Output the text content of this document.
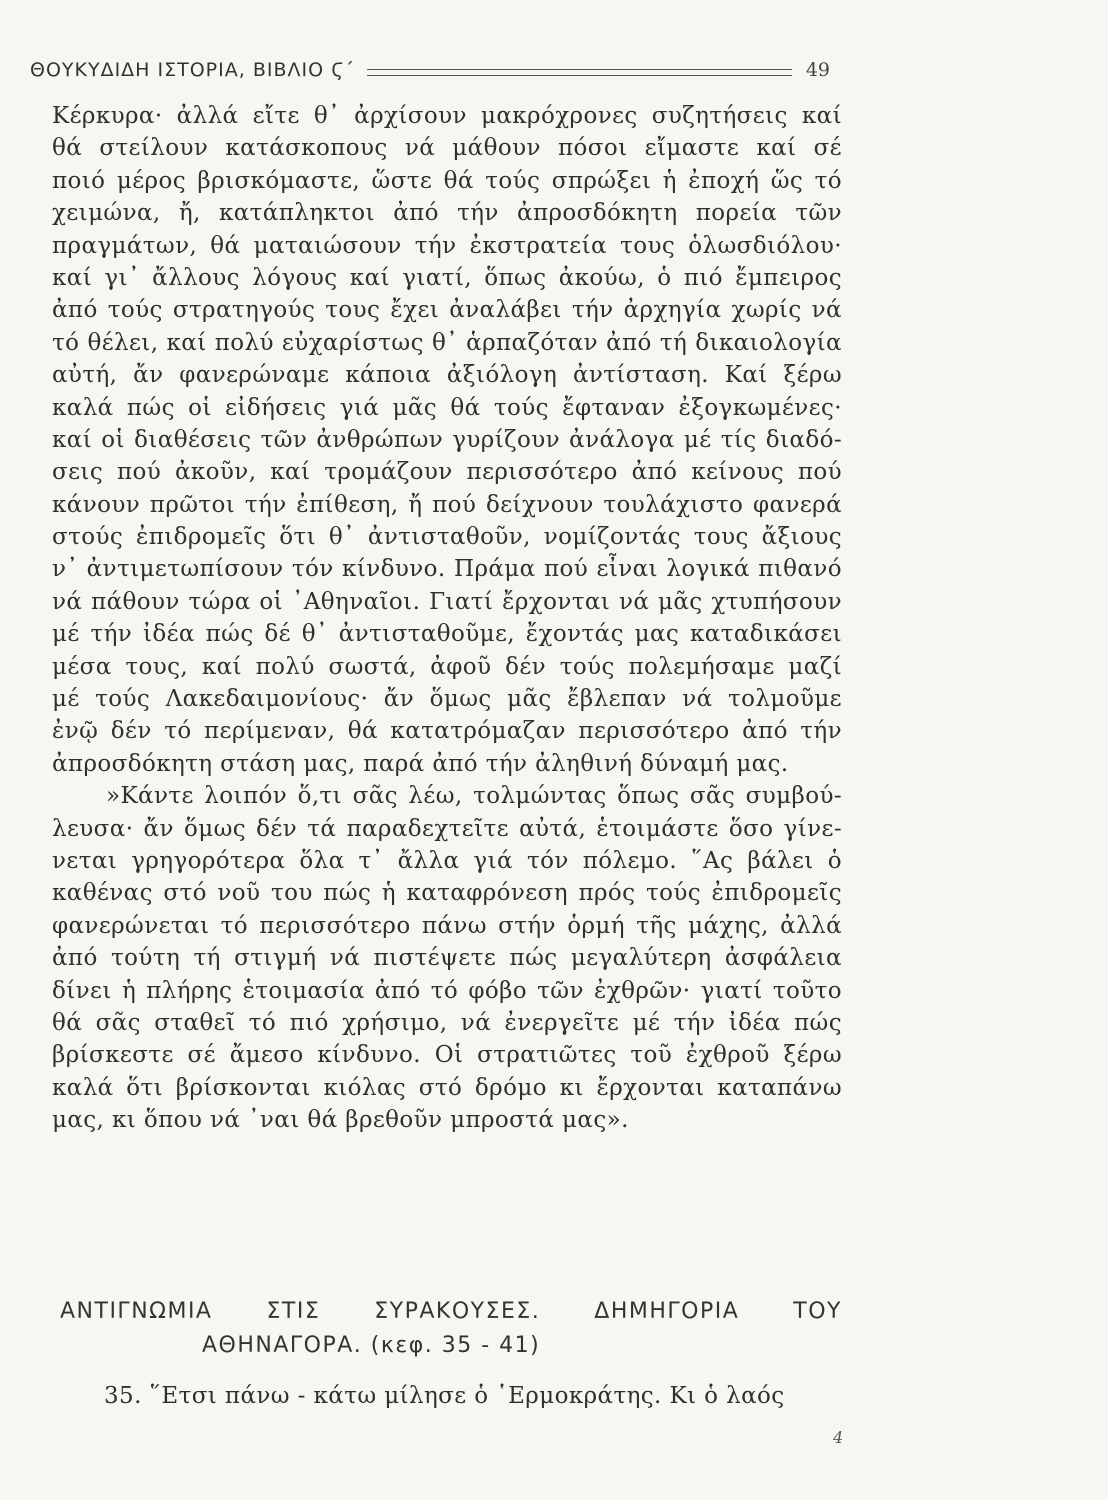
ΘΟΥΚΥΔΙΔΗ ΙΣΤΟΡΙΑ, ΒΙΒΛΙΟ Ϛ΄	49
Κέρκυρα· ἀλλά εἴτε θ᾿ ἀρχίσουν μακρόχρονες συζητήσεις καί
θά στείλουν κατάσκοπους νά μάθουν πόσοι εἴμαστε καί σέ
ποιό μέρος βρισκόμαστε, ὥστε θά τούς σπρώξει ἡ ἐποχή ὥς τό
χειμώνα, ἤ, κατάπληκτοι ἀπό τήν ἀπροσδόκητη πορεία τῶν
πραγμάτων, θά ματαιώσουν τήν ἐκστρατεία τους ὁλωσδιόλου·
καί γι᾿ ἄλλους λόγους καί γιατί, ὅπως ἀκούω, ὁ πιό ἔμπειρος
ἀπό τούς στρατηγούς τους ἔχει ἀναλάβει τήν ἀρχηγία χωρίς νά
τό θέλει, καί πολύ εὐχαρίστως θ᾿ ἁρπαζόταν ἀπό τή δικαιολογία
αὐτή, ἄν φανερώναμε κάποια ἀξιόλογη ἀντίσταση. Καί ξέρω
καλά πώς οἱ εἰδήσεις γιά μᾶς θά τούς ἔφταναν ἐξογκωμένες·
καί οἱ διαθέσεις τῶν ἀνθρώπων γυρίζουν ἀνάλογα μέ τίς διαδό-
σεις πού ἀκοῦν, καί τρομάζουν περισσότερο ἀπό κείνους πού
κάνουν πρῶτοι τήν ἐπίθεση, ἤ πού δείχνουν τουλάχιστο φανερά
στούς ἐπιδρομεῖς ὅτι θ᾿ ἀντισταθοῦν, νομίζοντάς τους ἄξιους
ν᾿ ἀντιμετωπίσουν τόν κίνδυνο. Πράμα πού εἶναι λογικά πιθανό
νά πάθουν τώρα οἱ ᾿Αθηναῖοι. Γιατί ἔρχονται νά μᾶς χτυπήσουν
μέ τήν ἰδέα πώς δέ θ᾿ ἀντισταθοῦμε, ἔχοντάς μας καταδικάσει
μέσα τους, καί πολύ σωστά, ἀφοῦ δέν τούς πολεμήσαμε μαζί
μέ τούς Λακεδαιμονίους· ἄν ὅμως μᾶς ἔβλεπαν νά τολμοῦμε
ἐνῷ δέν τό περίμεναν, θά κατατρόμαζαν περισσότερο ἀπό τήν
ἀπροσδόκητη στάση μας, παρά ἀπό τήν ἀληθινή δύναμή μας.
»Κάντε λοιπόν ὅ,τι σᾶς λέω, τολμώντας ὅπως σᾶς συμβού-
λευσα· ἄν ὅμως δέν τά παραδεχτεῖτε αὐτά, ἑτοιμάστε ὅσο γίνε-
νεται γρηγορότερα ὅλα τ᾿ ἄλλα γιά τόν πόλεμο. ῞Ας βάλει ὁ
καθένας στό νοῦ του πώς ἡ καταφρόνεση πρός τούς ἐπιδρομεῖς
φανερώνεται τό περισσότερο πάνω στήν ὁρμή τῆς μάχης, ἀλλά
ἀπό τούτη τή στιγμή νά πιστέψετε πώς μεγαλύτερη ἀσφάλεια
δίνει ἡ πλήρης ἑτοιμασία ἀπό τό φόβο τῶν ἐχθρῶν· γιατί τοῦτο
θά σᾶς σταθεῖ τό πιό χρήσιμο, νά ἐνεργεῖτε μέ τήν ἰδέα πώς
βρίσκεστε σέ ἄμεσο κίνδυνο. Οἱ στρατιῶτες τοῦ ἐχθροῦ ξέρω
καλά ὅτι βρίσκονται κιόλας στό δρόμο κι ἔρχονται καταπάνω
μας, κι ὅπου νά ᾿ναι θά βρεθοῦν μπροστά μας».
ΑΝΤΙΓΝΩΜΙΑ ΣΤΙΣ ΣΥΡΑΚΟΥΣΕΣ. ΔΗΜΗΓΟΡΙΑ ΤΟΥ
ΑΘΗΝΑΓΟΡΑ. (κεφ. 35 - 41)
35. ῞Ετσι πάνω - κάτω μίλησε ὁ ῾Ερμοκράτης. Κι ὁ λαός
4
